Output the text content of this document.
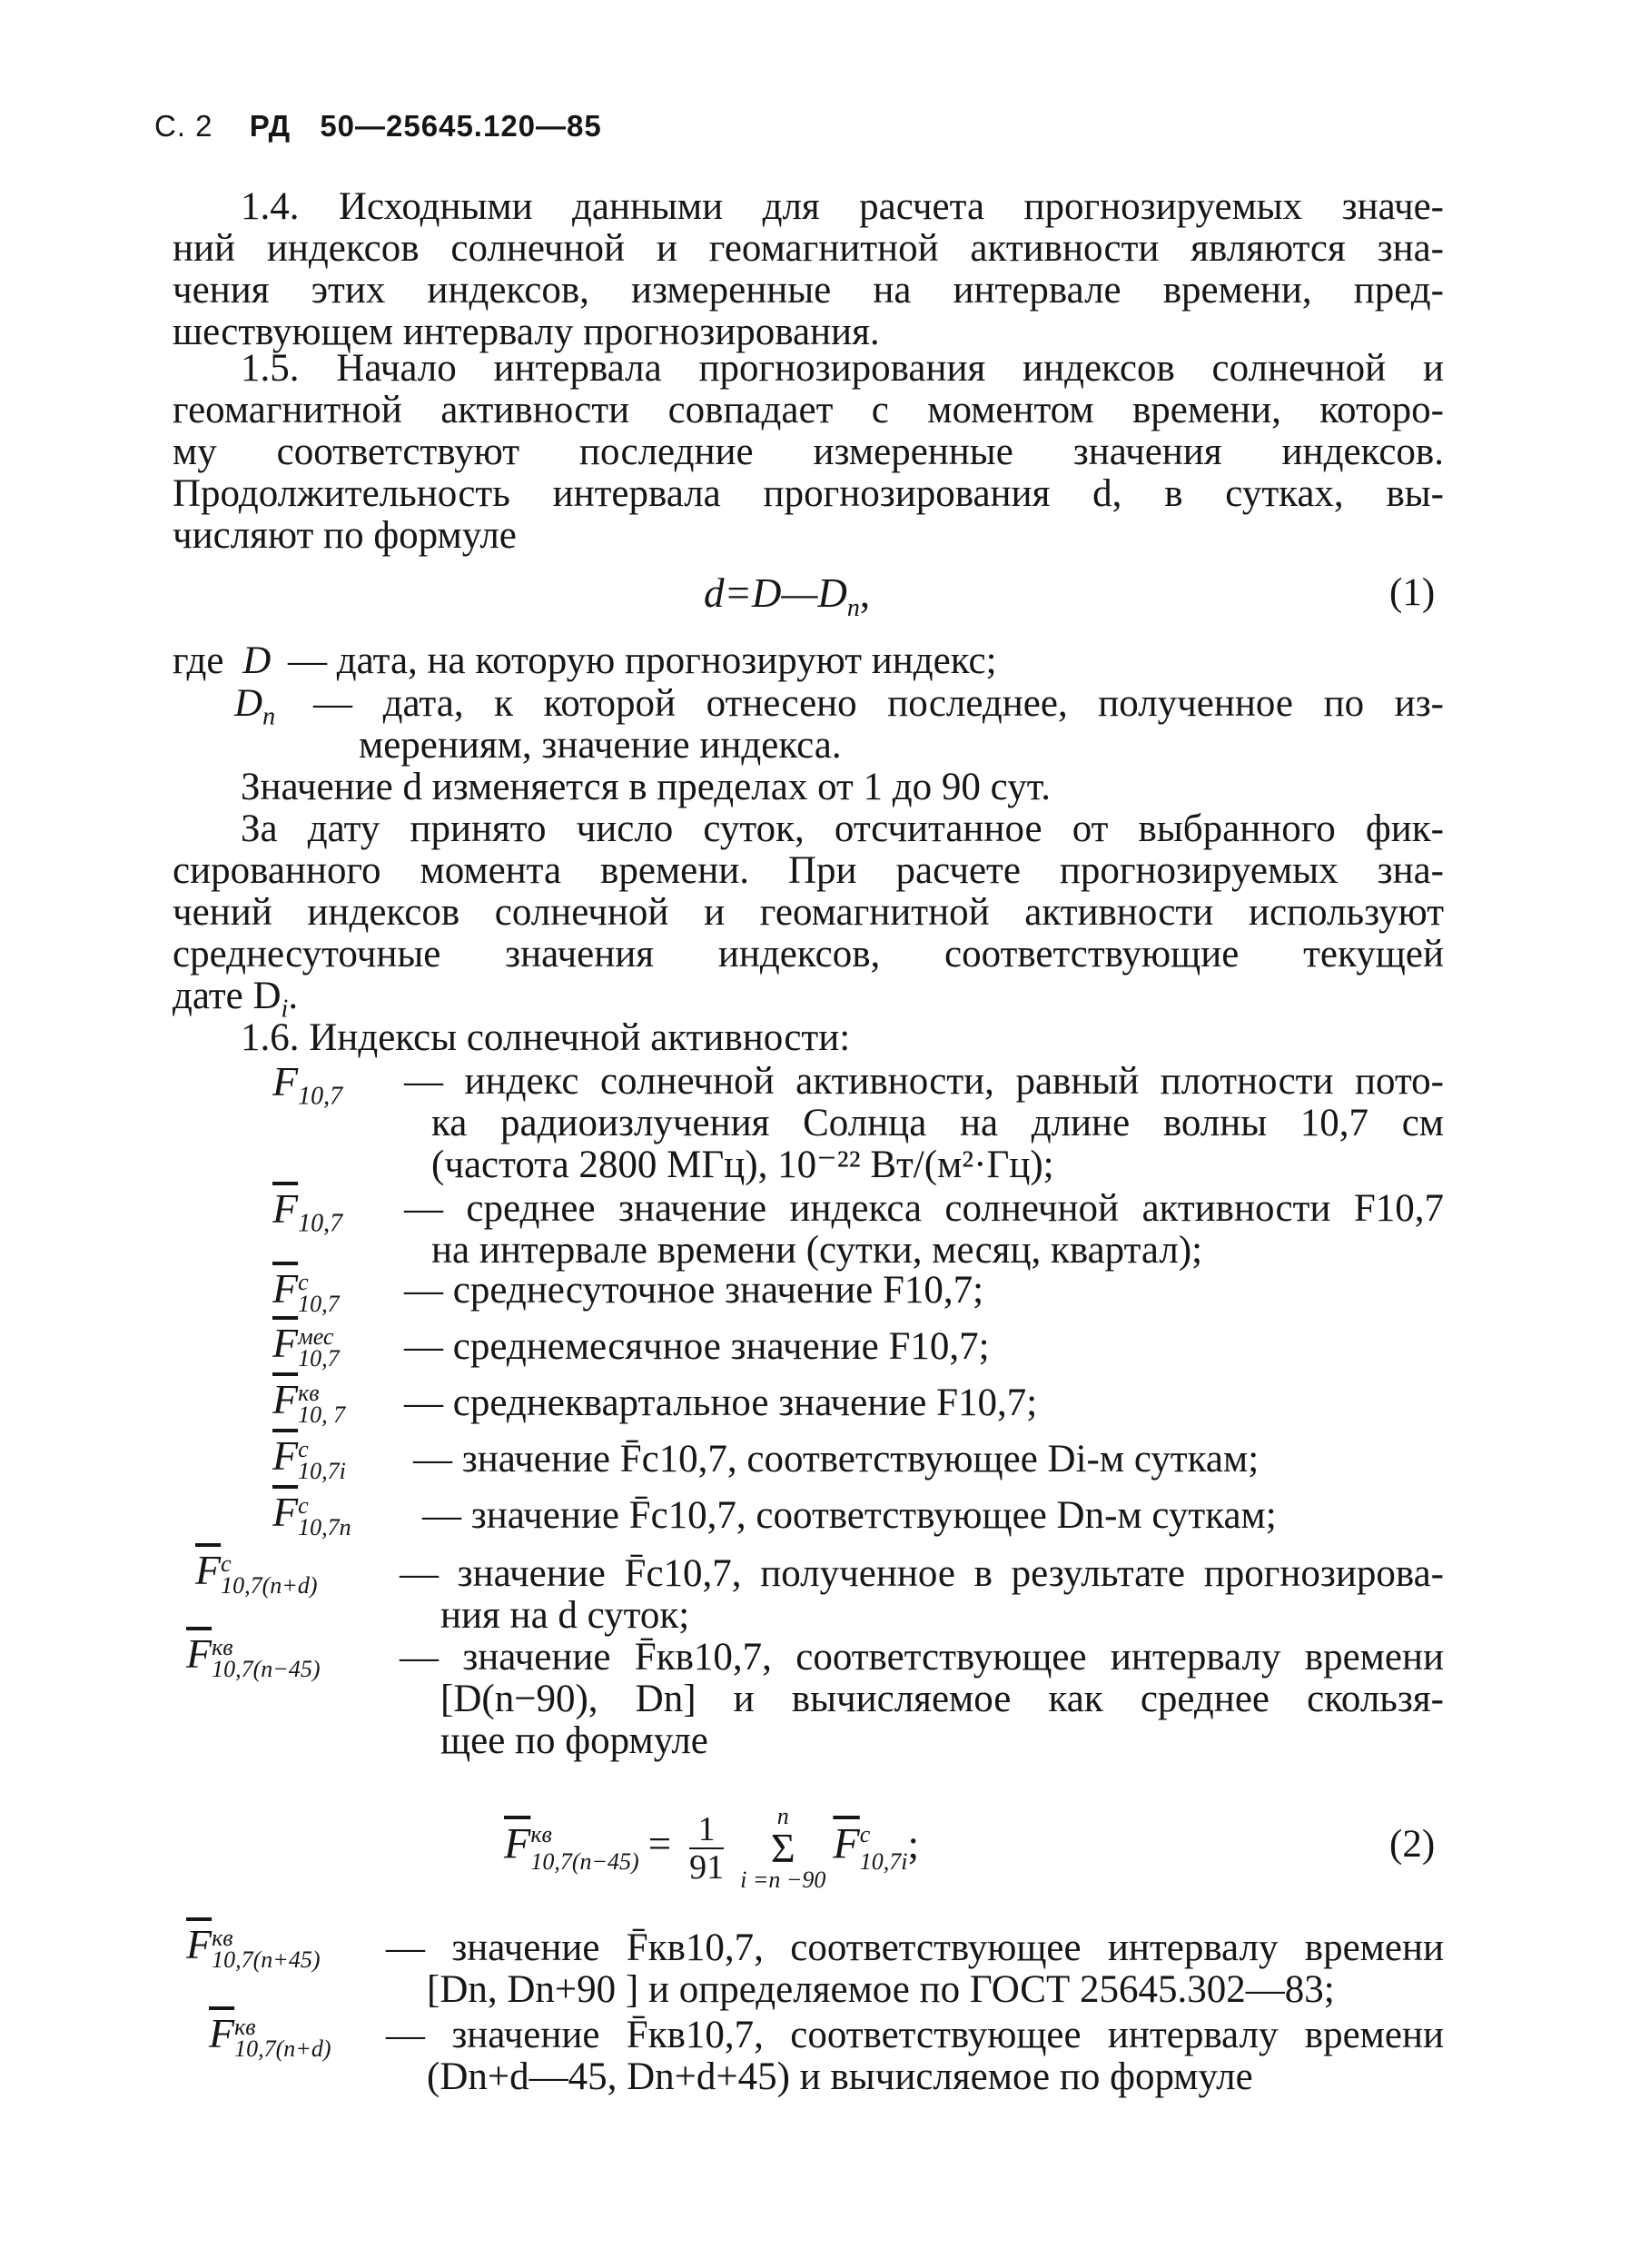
С. 2 РД 50—25645.120—85
1.4. Исходными данными для расчета прогнозируемых значе-
ний индексов солнечной и геомагнитной активности являются зна-
чения этих индексов, измеренные на интервале времени, пред-
шествующем интервалу прогнозирования.
1.5. Начало интервала прогнозирования индексов солнечной и
геомагнитной активности совпадает с моментом времени, которо-
му соответствуют последние измеренные значения индексов.
Продолжительность интервала прогнозирования d, в сутках, вы-
числяют по формуле
$d=D—D_n$,	(1)
где D — дата, на которую прогнозируют индекс;
$D_n$ — дата, к которой отнесено последнее, полученное по из-
мерениям, значение индекса.
Значение d изменяется в пределах от 1 до 90 сут.
За дату принято число суток, отсчитанное от выбранного фик-
сированного момента времени. При расчете прогнозируемых зна-
чений индексов солнечной и геомагнитной активности используют
среднесуточные значения индексов, соответствующие текущей
дате $D_i$.
1.6. Индексы солнечной активности:
$F_{10,7}$	— индекс солнечной активности, равный плотности пото-
ка радиоизлучения Солнца на длине волны 10,7 см
(частота 2800 МГц), 10⁻²² Вт/(м²·Гц);
$\overline{F}_{10,7}$	— среднее значение индекса солнечной активности F10,7
на интервале времени (сутки, месяц, квартал);
$\overline{F}$ с
10,7 — среднесуточное значение F10,7;
$\overline{F}$ мес
10,7 — среднемесячное значение F10,7;
$\overline{F}$ кв
10, 7 — среднеквартальное значение F10,7;
$\overline{F}$ с
10,7i — значение F̄с10,7, соответствующее Di-м суткам;
$\overline{F}$ с
10,7n — значение F̄с10,7, соответствующее Dn-м суткам;
$\overline{F}$ с
10,7(n+d) — значение F̄с10,7, полученное в результате прогнозирова-
ния на d суток;
$\overline{F}$ кв
10,7(n−45) — значение F̄кв10,7, соответствующее интервалу времени
[D(n−90), Dn] и вычисляемое как среднее скользя-
щее по формуле
$\overline{F}$ кв
$10,7(n-45) = \frac{1}{91}$	n
Σ
i =n −90
$\overline{F}$ с
10,7i ;	(2)
$\overline{F}$ кв
10,7(n+45) — значение F̄кв10,7, соответствующее интервалу времени
[Dn, Dn+90 ] и определяемое по ГОСТ 25645.302—83;
$\overline{F}$ кв
10,7(n+d) — значение F̄кв10,7, соответствующее интервалу времени
(Dn+d—45, Dn+d+45) и вычисляемое по формуле
